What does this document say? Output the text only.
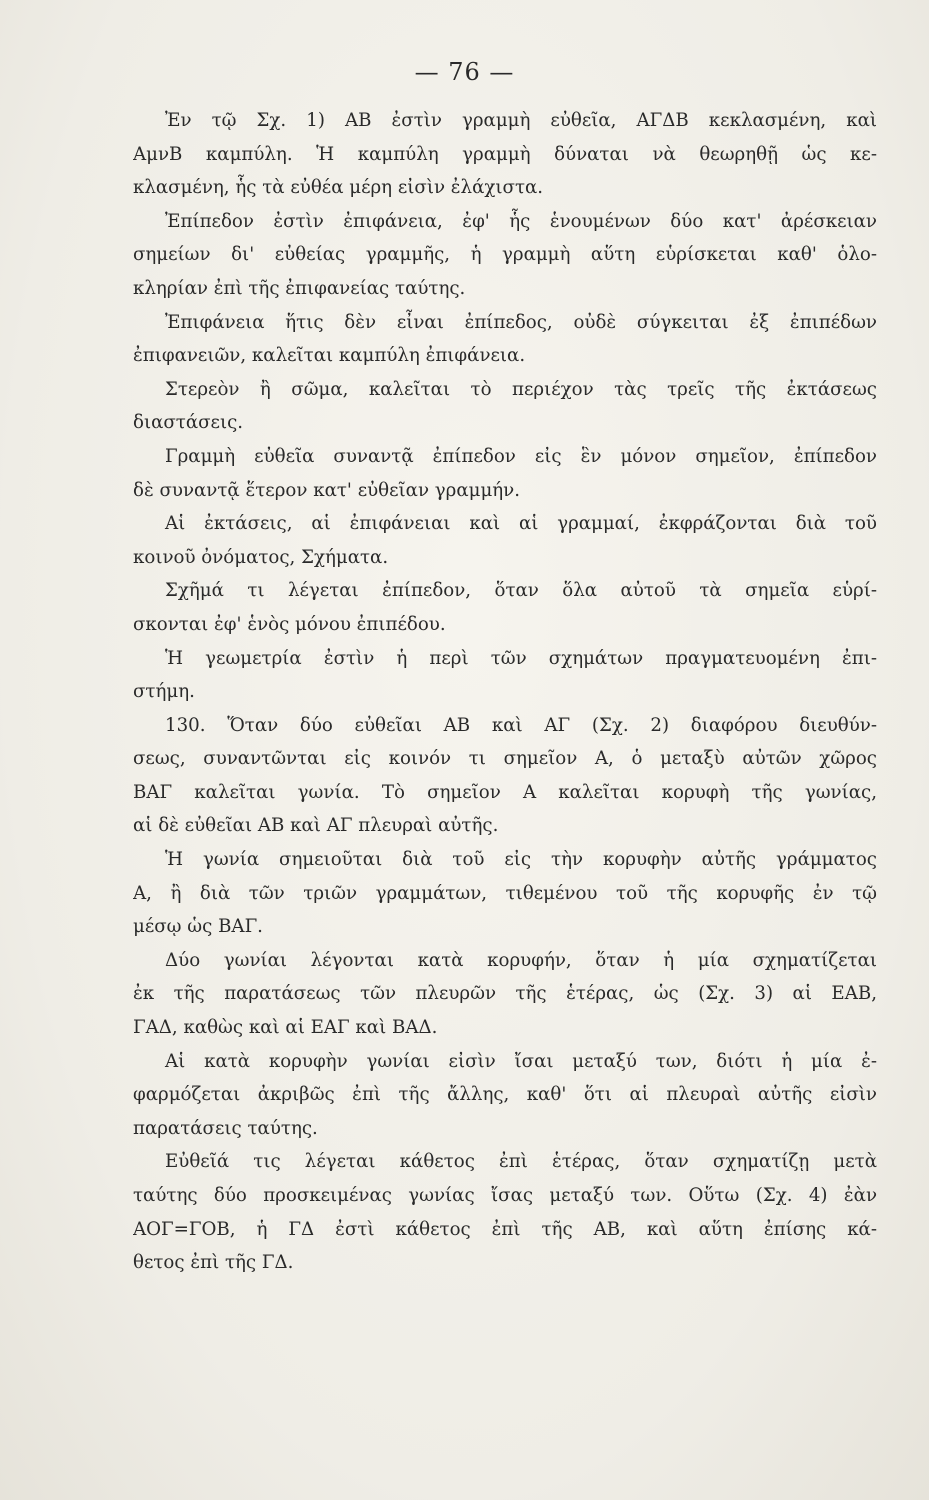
— 76 —
Ἐν τῷ Σχ. 1) ΑΒ ἐστὶν γραμμὴ εὐθεῖα, ΑΓΔΒ κεκλασμένη, καὶ
ΑμνΒ καμπύλη. Ἡ καμπύλη γραμμὴ δύναται νὰ θεωρηθῇ ὡς κε-
κλασμένη, ἧς τὰ εὐθέα μέρη εἰσὶν ἐλάχιστα.
Ἐπίπεδον ἐστὶν ἐπιφάνεια, ἐφ' ἧς ἑνουμένων δύο κατ' ἀρέσκειαν
σημείων δι' εὐθείας γραμμῆς, ἡ γραμμὴ αὕτη εὑρίσκεται καθ' ὁλο-
κληρίαν ἐπὶ τῆς ἐπιφανείας ταύτης.
Ἐπιφάνεια ἥτις δὲν εἶναι ἐπίπεδος, οὐδὲ σύγκειται ἐξ ἐπιπέδων
ἐπιφανειῶν, καλεῖται καμπύλη ἐπιφάνεια.
Στερεὸν ἢ σῶμα, καλεῖται τὸ περιέχον τὰς τρεῖς τῆς ἐκτάσεως
διαστάσεις.
Γραμμὴ εὐθεῖα συναντᾷ ἐπίπεδον εἰς ἓν μόνον σημεῖον, ἐπίπεδον
δὲ συναντᾷ ἕτερον κατ' εὐθεῖαν γραμμήν.
Αἱ ἐκτάσεις, αἱ ἐπιφάνειαι καὶ αἱ γραμμαί, ἐκφράζονται διὰ τοῦ
κοινοῦ ὀνόματος, Σχήματα.
Σχῆμά τι λέγεται ἐπίπεδον, ὅταν ὅλα αὐτοῦ τὰ σημεῖα εὑρί-
σκονται ἐφ' ἑνὸς μόνου ἐπιπέδου.
Ἡ γεωμετρία ἐστὶν ἡ περὶ τῶν σχημάτων πραγματευομένη ἐπι-
στήμη.
130. Ὅταν δύο εὐθεῖαι ΑΒ καὶ ΑΓ (Σχ. 2) διαφόρου διευθύν-
σεως, συναντῶνται εἰς κοινόν τι σημεῖον Α, ὁ μεταξὺ αὐτῶν χῶρος
ΒΑΓ καλεῖται γωνία. Τὸ σημεῖον Α καλεῖται κορυφὴ τῆς γωνίας,
αἱ δὲ εὐθεῖαι ΑΒ καὶ ΑΓ πλευραὶ αὐτῆς.
Ἡ γωνία σημειοῦται διὰ τοῦ εἰς τὴν κορυφὴν αὐτῆς γράμματος
Α, ἢ διὰ τῶν τριῶν γραμμάτων, τιθεμένου τοῦ τῆς κορυφῆς ἐν τῷ
μέσῳ ὡς ΒΑΓ.
Δύο γωνίαι λέγονται κατὰ κορυφήν, ὅταν ἡ μία σχηματίζεται
ἐκ τῆς παρατάσεως τῶν πλευρῶν τῆς ἑτέρας, ὡς (Σχ. 3) αἱ ΕΑΒ,
ΓΑΔ, καθὼς καὶ αἱ ΕΑΓ καὶ ΒΑΔ.
Αἱ κατὰ κορυφὴν γωνίαι εἰσὶν ἴσαι μεταξύ των, διότι ἡ μία ἐ-
φαρμόζεται ἀκριβῶς ἐπὶ τῆς ἄλλης, καθ' ὅτι αἱ πλευραὶ αὐτῆς εἰσὶν
παρατάσεις ταύτης.
Εὐθεῖά τις λέγεται κάθετος ἐπὶ ἑτέρας, ὅταν σχηματίζῃ μετὰ
ταύτης δύο προσκειμένας γωνίας ἴσας μεταξύ των. Οὕτω (Σχ. 4) ἐὰν
ΑΟΓ=ΓΟΒ, ἡ ΓΔ ἐστὶ κάθετος ἐπὶ τῆς ΑΒ, καὶ αὕτη ἐπίσης κά-
θετος ἐπὶ τῆς ΓΔ.
